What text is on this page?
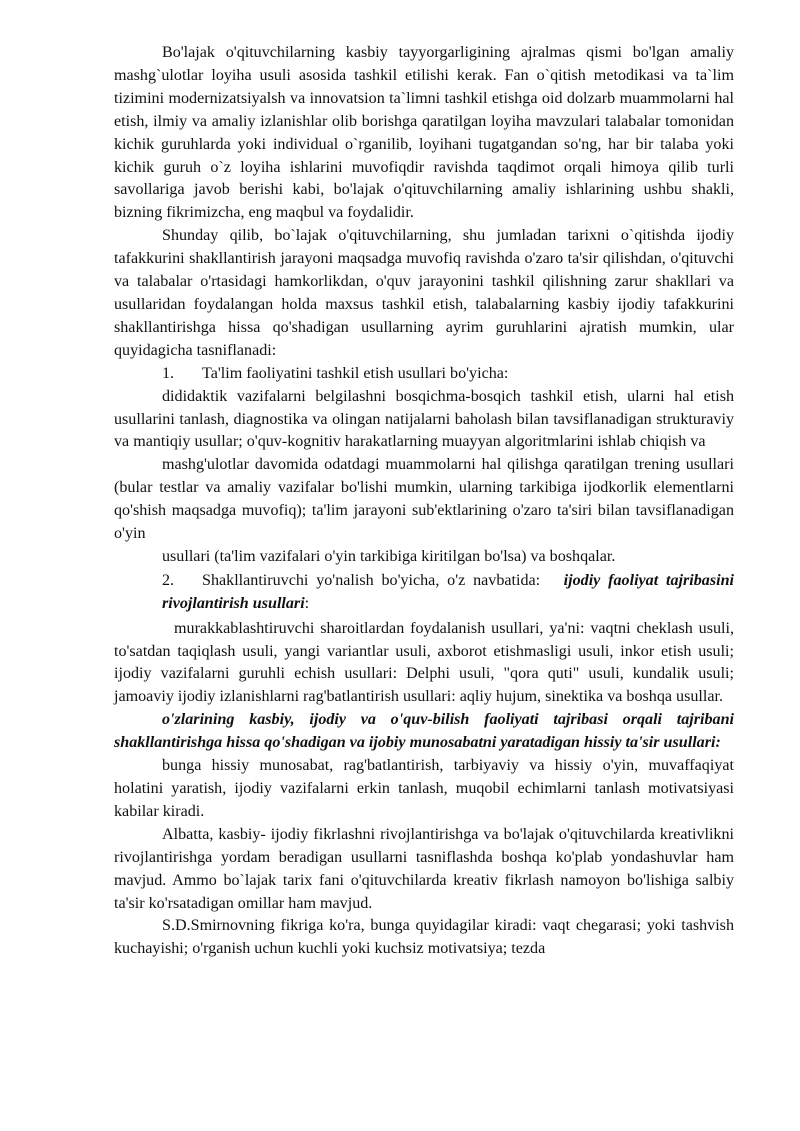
Bo'lajak o'qituvchilarning kasbiy tayyorgarligining ajralmas qismi bo'lgan amaliy mashg`ulotlar loyiha usuli asosida tashkil etilishi kerak. Fan o`qitish metodikasi va ta`lim tizimini modernizatsiyalsh va innovatsion ta`limni tashkil etishga oid dolzarb muammolarni hal etish, ilmiy va amaliy izlanishlar olib borishga qaratilgan loyiha mavzulari talabalar tomonidan kichik guruhlarda yoki individual o`rganilib, loyihani tugatgandan so'ng, har bir talaba yoki kichik guruh o`z loyiha ishlarini muvofiqdir ravishda taqdimot orqali himoya qilib turli savollariga javob berishi kabi, bo'lajak o'qituvchilarning amaliy ishlarining ushbu shakli, bizning fikrimizcha, eng maqbul va foydalidir.

Shunday qilib, bo`lajak o'qituvchilarning, shu jumladan tarixni o`qitishda ijodiy tafakkurini shakllantirish jarayoni maqsadga muvofiq ravishda o'zaro ta'sir qilishdan, o'qituvchi va talabalar o'rtasidagi hamkorlikdan, o'quv jarayonini tashkil qilishning zarur shakllari va usullaridan foydalangan holda maxsus tashkil etish, talabalarning kasbiy ijodiy tafakkurini shakllantirishga hissa qo'shadigan usullarning ayrim guruhlarini ajratish mumkin, ular quyidagicha tasniflanadi:

1. Ta'lim faoliyatini tashkil etish usullari bo'yicha:

dididaktik vazifalarni belgilashni bosqichma-bosqich tashkil etish, ularni hal etish usullarini tanlash, diagnostika va olingan natijalarni baholash bilan tavsiflanadigan strukturaviy va mantiqiy usullar; o'quv-kognitiv harakatlarning muayyan algoritmlarini ishlab chiqish va

mashg'ulotlar davomida odatdagi muammolarni hal qilishga qaratilgan trening usullari (bular testlar va amaliy vazifalar bo'lishi mumkin, ularning tarkibiga ijodkorlik elementlarni qo'shish maqsadga muvofiq); ta'lim jarayoni sub'ektlarining o'zaro ta'siri bilan tavsiflanadigan o'yin

usullari (ta'lim vazifalari o'yin tarkibiga kiritilgan bo'lsa) va boshqalar.

2. Shakllantiruvchi yo'nalish bo'yicha, o'z navbatida:   ijodiy faoliyat tajribasini rivojlantirish usullari:

murakkablashtiruvchi sharoitlardan foydalanish usullari, ya'ni: vaqtni cheklash usuli, to'satdan taqiqlash usuli, yangi variantlar usuli, axborot etishmasligi usuli, inkor etish usuli; ijodiy vazifalarni guruhli echish usullari: Delphi usuli, "qora quti" usuli, kundalik usuli; jamoaviy ijodiy izlanishlarni rag'batlantirish usullari: aqliy hujum, sinektika va boshqa usullar.

o'zlarining kasbiy, ijodiy va o'quv-bilish faoliyati tajribasi orqali tajribani shakllantirishga hissa qo'shadigan va ijobiy munosabatni yaratadigan hissiy ta'sir usullari:

bunga hissiy munosabat, rag'batlantirish, tarbiyaviy va hissiy o'yin, muvaffaqiyat holatini yaratish, ijodiy vazifalarni erkin tanlash, muqobil echimlarni tanlash motivatsiyasi kabilar kiradi.

Albatta, kasbiy- ijodiy fikrlashni rivojlantirishga va bo'lajak o'qituvchilarda kreativlikni rivojlantirishga yordam beradigan usullarni tasniflashda boshqa ko'plab yondashuvlar ham mavjud. Ammo bo`lajak tarix fani o'qituvchilarda kreativ fikrlash namoyon bo'lishiga salbiy ta'sir ko'rsatadigan omillar ham mavjud.

S.D.Smirnovning fikriga ko'ra, bunga quyidagilar kiradi: vaqt chegarasi; yoki tashvish kuchayishi; o'rganish uchun kuchli yoki kuchsiz motivatsiya; tezda
